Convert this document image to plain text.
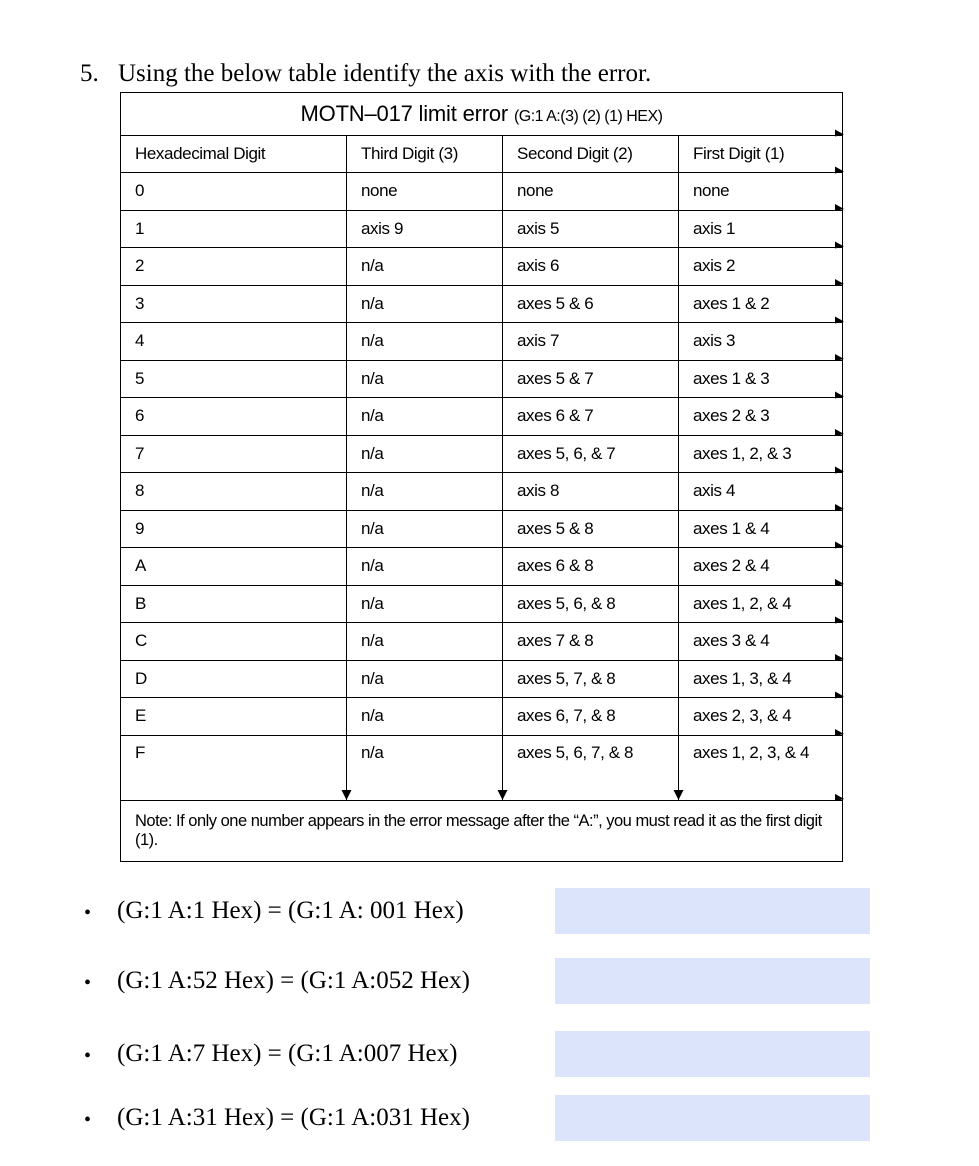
5. Using the below table identify the axis with the error.
MOTN–017 limit error (G:1 A:(3) (2) (1) HEX)			
Hexadecimal Digit	Third Digit (3)	Second Digit (2)	First Digit (1)
0	none	none	none
1	axis 9	axis 5	axis 1
2	n/a	axis 6	axis 2
3	n/a	axes 5 & 6	axes 1 & 2
4	n/a	axis 7	axis 3
5	n/a	axes 5 & 7	axes 1 & 3
6	n/a	axes 6 & 7	axes 2 & 3
7	n/a	axes 5, 6, & 7	axes 1, 2, & 3
8	n/a	axis 8	axis 4
9	n/a	axes 5 & 8	axes 1 & 4
A	n/a	axes 6 & 8	axes 2 & 4
B	n/a	axes 5, 6, & 8	axes 1, 2, & 4
C	n/a	axes 7 & 8	axes 3 & 4
D	n/a	axes 5, 7, & 8	axes 1, 3, & 4
E	n/a	axes 6, 7, & 8	axes 2, 3, & 4
F	n/a	axes 5, 6, 7, & 8	axes 1, 2, 3, & 4
Note: If only one number appears in the error message after the “A:”, you must read it as the first digit (1).			
• (G:1 A:1 Hex) = (G:1 A: 001 Hex)
• (G:1 A:52 Hex) = (G:1 A:052 Hex)
• (G:1 A:7 Hex) = (G:1 A:007 Hex)
• (G:1 A:31 Hex) = (G:1 A:031 Hex)
